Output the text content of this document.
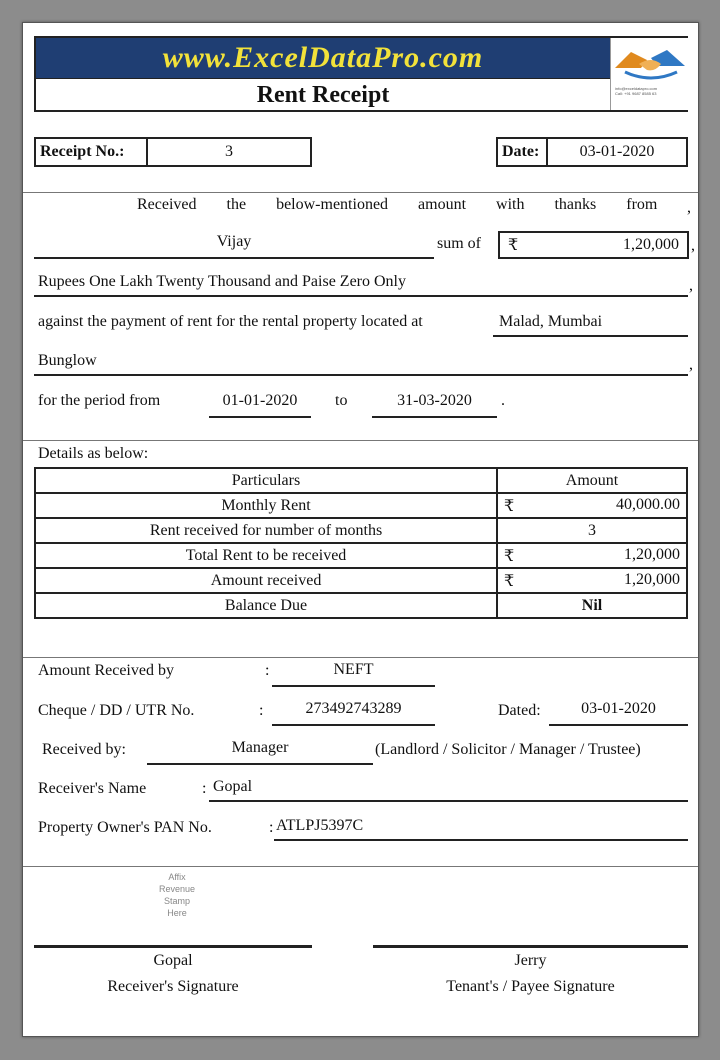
www.ExcelDataPro.com
info@exceldatapro.com
Call: +91 9687 8585 63
Rent Receipt
Receipt No.:	3	Date:	03-01-2020
Received the below-mentioned amount with thanks from ,
Vijay	sum of ₹	1,20,000 ,
Rupees One Lakh Twenty Thousand and Paise Zero Only	,
against the payment of rent for the rental property located at	Malad, Mumbai
Bunglow	,
for the period from	01-01-2020	to	31-03-2020	.
Details as below:
Particulars	Amount
Monthly Rent	₹ 40,000.00

Rent received for number of months	3
Total Rent to be received	₹ 1,20,000

Amount received	₹ 1,20,000

Balance Due	Nil
Amount Received by	:	NEFT
Cheque / DD / UTR No.	:	273492743289	Dated:	03-01-2020
Received by:	Manager	(Landlord / Solicitor / Manager / Trustee)
Receiver's Name	: Gopal
Property Owner's PAN No.	: ATLPJ5397C
Affix
Revenue
Stamp
Here
Gopal
Receiver's Signature
Jerry
Tenant's / Payee Signature
